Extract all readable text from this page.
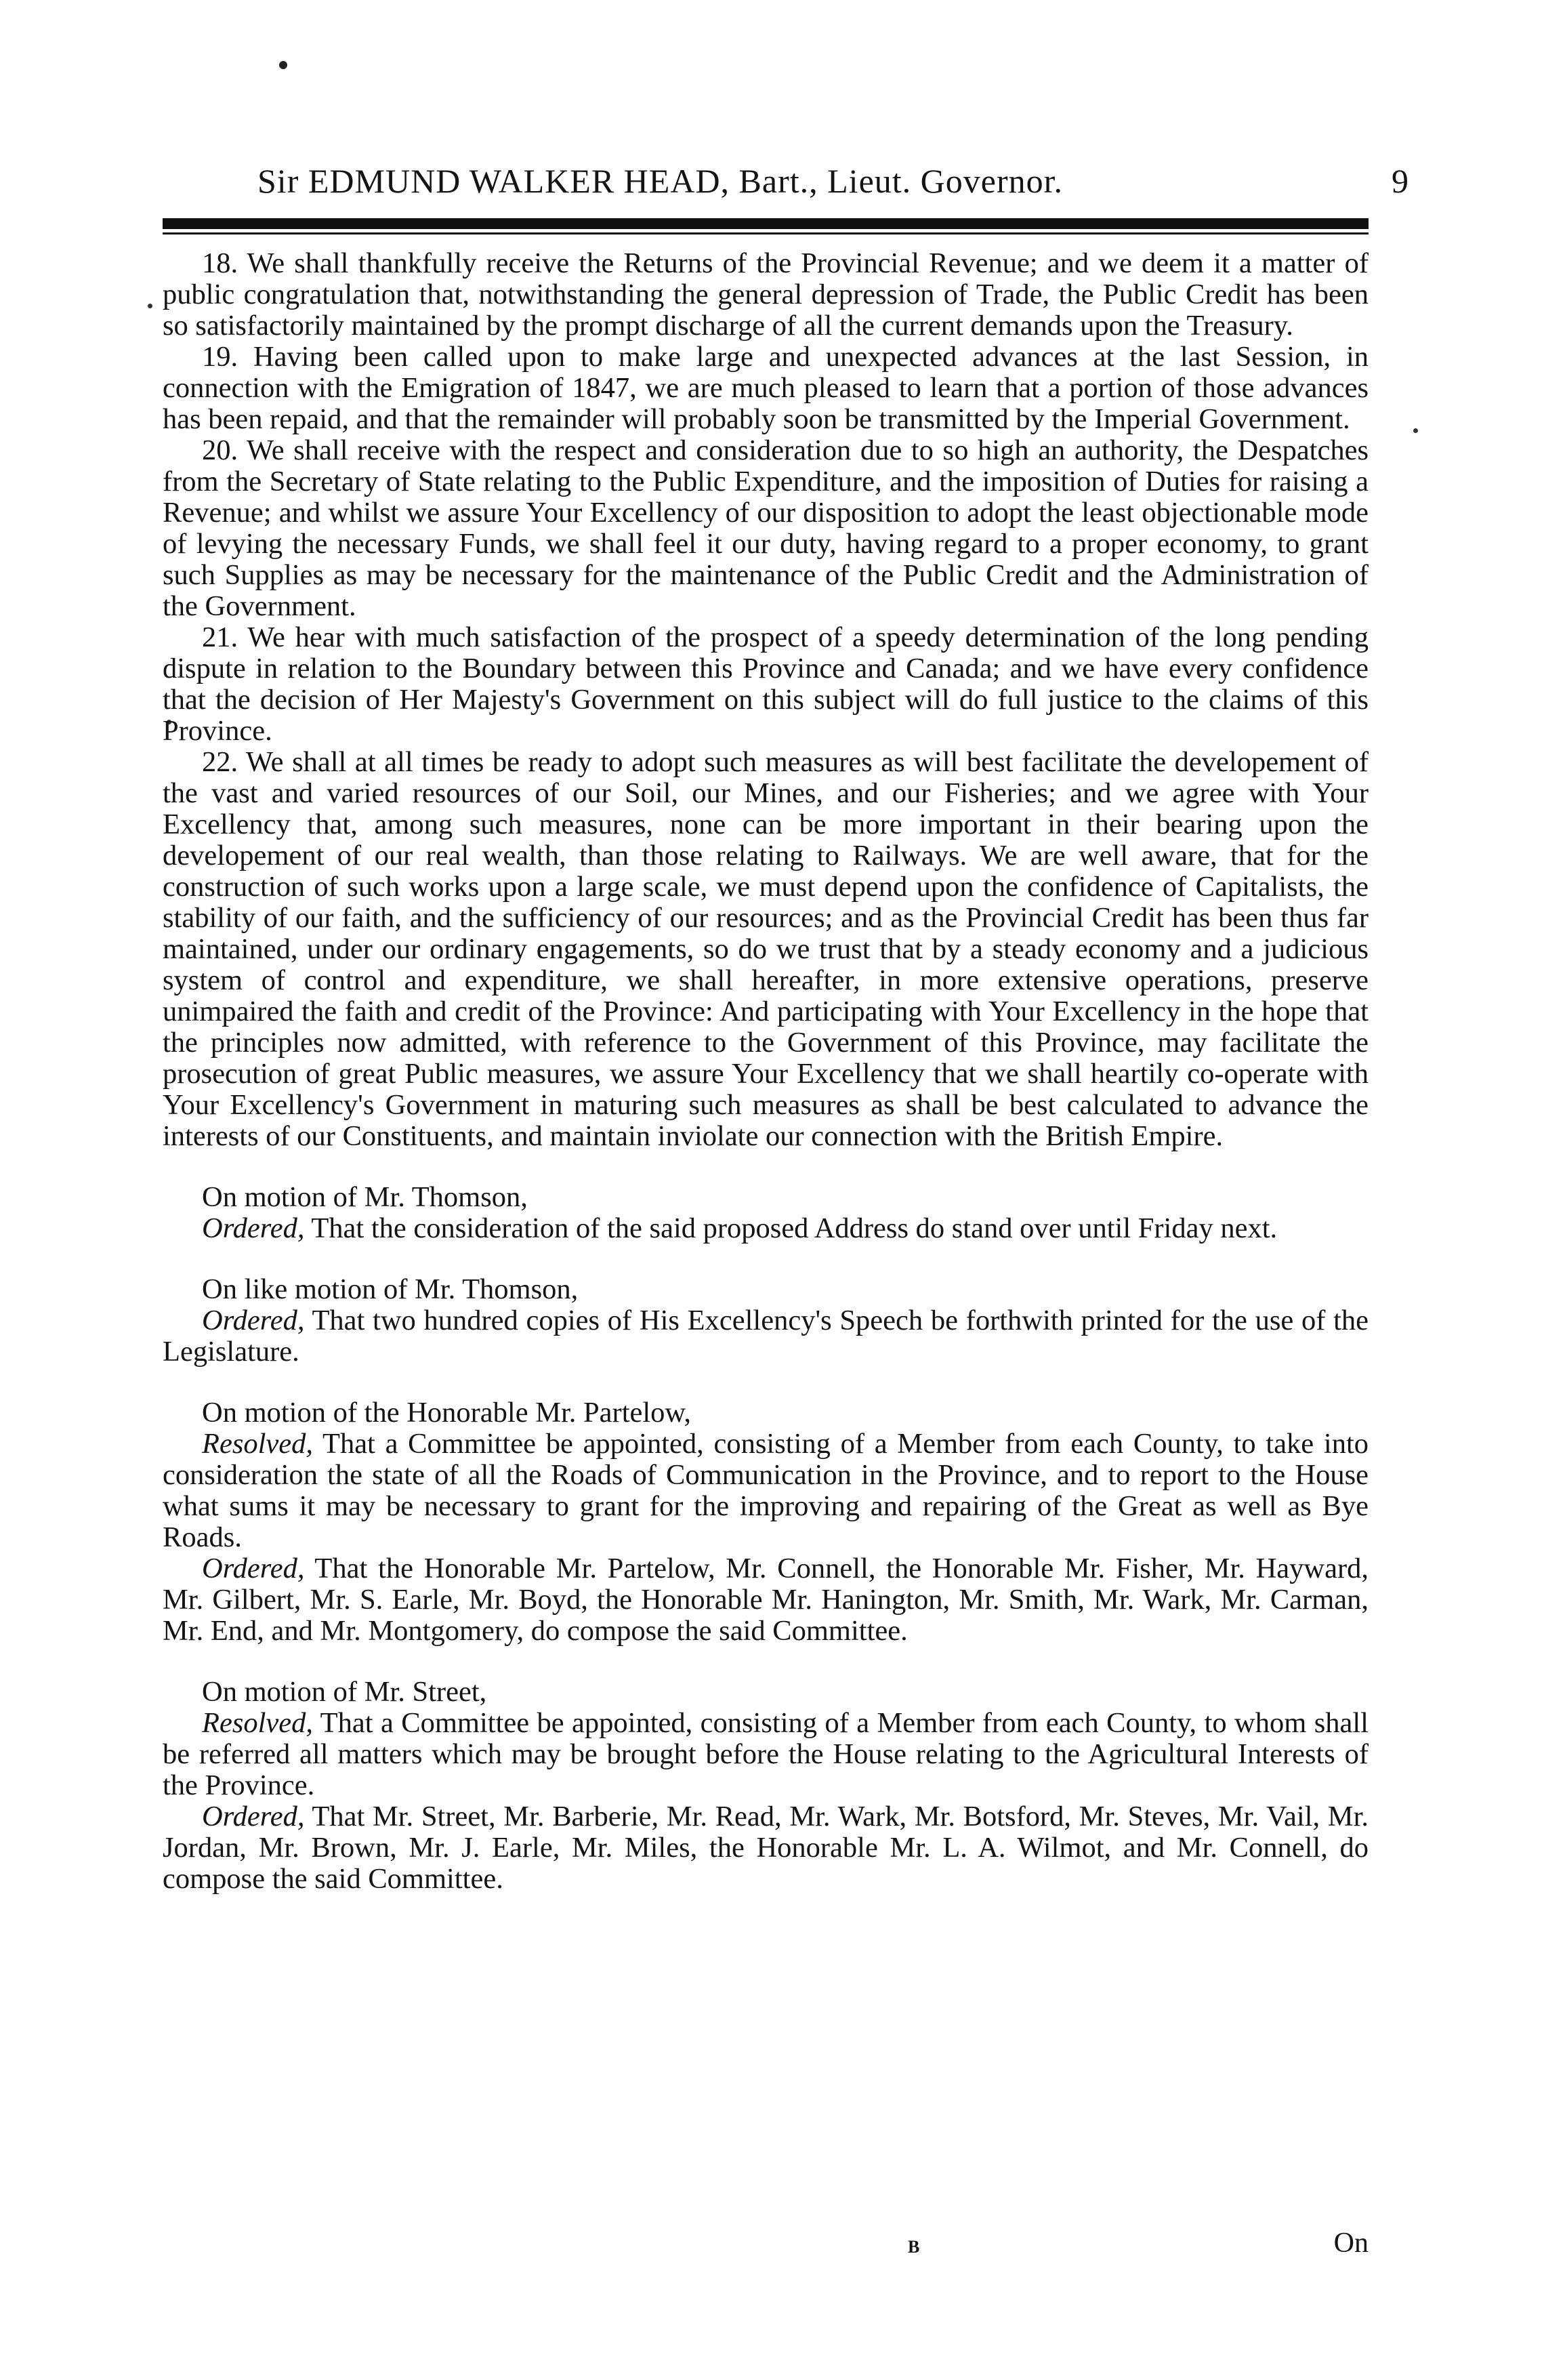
Sir EDMUND WALKER HEAD, Bart., Lieut. Governor.	9

18. We shall thankfully receive the Returns of the Provincial Revenue; and we deem it a matter of public congratulation that, notwithstanding the general depression of Trade, the Public Credit has been so satisfactorily maintained by the prompt discharge of all the current demands upon the Treasury.

19. Having been called upon to make large and unexpected advances at the last Session, in connection with the Emigration of 1847, we are much pleased to learn that a portion of those advances has been repaid, and that the remainder will probably soon be transmitted by the Imperial Government.

20. We shall receive with the respect and consideration due to so high an authority, the Despatches from the Secretary of State relating to the Public Expenditure, and the imposition of Duties for raising a Revenue; and whilst we assure Your Excellency of our disposition to adopt the least objectionable mode of levying the necessary Funds, we shall feel it our duty, having regard to a proper economy, to grant such Supplies as may be necessary for the maintenance of the Public Credit and the Administration of the Government.

21. We hear with much satisfaction of the prospect of a speedy determination of the long pending dispute in relation to the Boundary between this Province and Canada; and we have every confidence that the decision of Her Majesty's Government on this subject will do full justice to the claims of this Province.

22. We shall at all times be ready to adopt such measures as will best facilitate the developement of the vast and varied resources of our Soil, our Mines, and our Fisheries; and we agree with Your Excellency that, among such measures, none can be more important in their bearing upon the developement of our real wealth, than those relating to Railways. We are well aware, that for the construction of such works upon a large scale, we must depend upon the confidence of Capitalists, the stability of our faith, and the sufficiency of our resources; and as the Provincial Credit has been thus far maintained, under our ordinary engagements, so do we trust that by a steady economy and a judicious system of control and expenditure, we shall hereafter, in more extensive operations, preserve unimpaired the faith and credit of the Province: And participating with Your Excellency in the hope that the principles now admitted, with reference to the Government of this Province, may facilitate the prosecution of great Public measures, we assure Your Excellency that we shall heartily co-operate with Your Excellency's Government in maturing such measures as shall be best calculated to advance the interests of our Constituents, and maintain inviolate our connection with the British Empire.

On motion of Mr. Thomson,

Ordered, That the consideration of the said proposed Address do stand over until Friday next.

On like motion of Mr. Thomson,

Ordered, That two hundred copies of His Excellency's Speech be forthwith printed for the use of the Legislature.

On motion of the Honorable Mr. Partelow,

Resolved, That a Committee be appointed, consisting of a Member from each County, to take into consideration the state of all the Roads of Communication in the Province, and to report to the House what sums it may be necessary to grant for the improving and repairing of the Great as well as Bye Roads.

Ordered, That the Honorable Mr. Partelow, Mr. Connell, the Honorable Mr. Fisher, Mr. Hayward, Mr. Gilbert, Mr. S. Earle, Mr. Boyd, the Honorable Mr. Hanington, Mr. Smith, Mr. Wark, Mr. Carman, Mr. End, and Mr. Montgomery, do compose the said Committee.

On motion of Mr. Street,

Resolved, That a Committee be appointed, consisting of a Member from each County, to whom shall be referred all matters which may be brought before the House relating to the Agricultural Interests of the Province.

Ordered, That Mr. Street, Mr. Barberie, Mr. Read, Mr. Wark, Mr. Botsford, Mr. Steves, Mr. Vail, Mr. Jordan, Mr. Brown, Mr. J. Earle, Mr. Miles, the Honorable Mr. L. A. Wilmot, and Mr. Connell, do compose the said Committee.

B	On
